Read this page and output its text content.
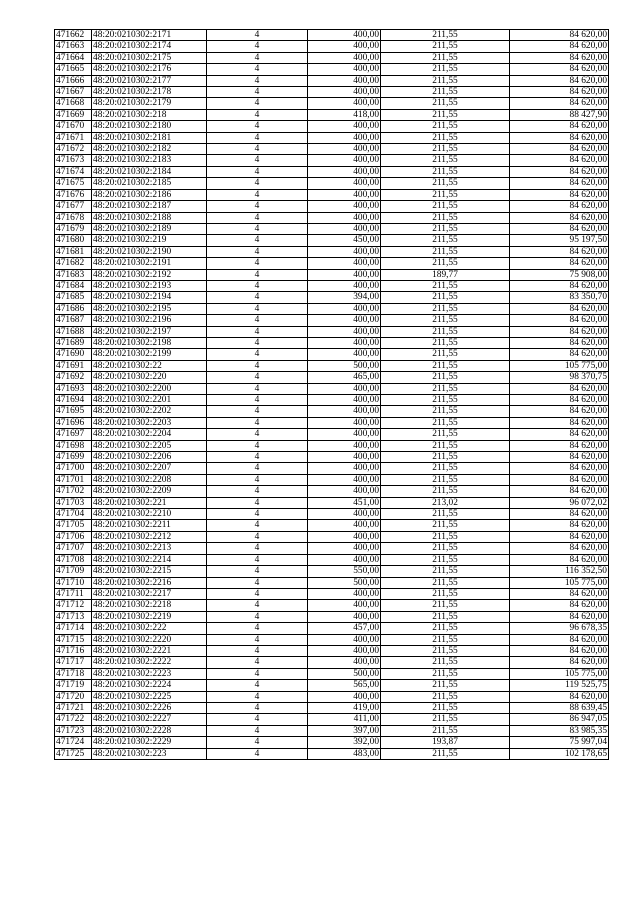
471662	48:20:0210302:2171	4	400,00	211,55	84 620,00
471663	48:20:0210302:2174	4	400,00	211,55	84 620,00
471664	48:20:0210302:2175	4	400,00	211,55	84 620,00
471665	48:20:0210302:2176	4	400,00	211,55	84 620,00
471666	48:20:0210302:2177	4	400,00	211,55	84 620,00
471667	48:20:0210302:2178	4	400,00	211,55	84 620,00
471668	48:20:0210302:2179	4	400,00	211,55	84 620,00
471669	48:20:0210302:218	4	418,00	211,55	88 427,90
471670	48:20:0210302:2180	4	400,00	211,55	84 620,00
471671	48:20:0210302:2181	4	400,00	211,55	84 620,00
471672	48:20:0210302:2182	4	400,00	211,55	84 620,00
471673	48:20:0210302:2183	4	400,00	211,55	84 620,00
471674	48:20:0210302:2184	4	400,00	211,55	84 620,00
471675	48:20:0210302:2185	4	400,00	211,55	84 620,00
471676	48:20:0210302:2186	4	400,00	211,55	84 620,00
471677	48:20:0210302:2187	4	400,00	211,55	84 620,00
471678	48:20:0210302:2188	4	400,00	211,55	84 620,00
471679	48:20:0210302:2189	4	400,00	211,55	84 620,00
471680	48:20:0210302:219	4	450,00	211,55	95 197,50
471681	48:20:0210302:2190	4	400,00	211,55	84 620,00
471682	48:20:0210302:2191	4	400,00	211,55	84 620,00
471683	48:20:0210302:2192	4	400,00	189,77	75 908,00
471684	48:20:0210302:2193	4	400,00	211,55	84 620,00
471685	48:20:0210302:2194	4	394,00	211,55	83 350,70
471686	48:20:0210302:2195	4	400,00	211,55	84 620,00
471687	48:20:0210302:2196	4	400,00	211,55	84 620,00
471688	48:20:0210302:2197	4	400,00	211,55	84 620,00
471689	48:20:0210302:2198	4	400,00	211,55	84 620,00
471690	48:20:0210302:2199	4	400,00	211,55	84 620,00
471691	48:20:0210302:22	4	500,00	211,55	105 775,00
471692	48:20:0210302:220	4	465,00	211,55	98 370,75
471693	48:20:0210302:2200	4	400,00	211,55	84 620,00
471694	48:20:0210302:2201	4	400,00	211,55	84 620,00
471695	48:20:0210302:2202	4	400,00	211,55	84 620,00
471696	48:20:0210302:2203	4	400,00	211,55	84 620,00
471697	48:20:0210302:2204	4	400,00	211,55	84 620,00
471698	48:20:0210302:2205	4	400,00	211,55	84 620,00
471699	48:20:0210302:2206	4	400,00	211,55	84 620,00
471700	48:20:0210302:2207	4	400,00	211,55	84 620,00
471701	48:20:0210302:2208	4	400,00	211,55	84 620,00
471702	48:20:0210302:2209	4	400,00	211,55	84 620,00
471703	48:20:0210302:221	4	451,00	213,02	96 072,02
471704	48:20:0210302:2210	4	400,00	211,55	84 620,00
471705	48:20:0210302:2211	4	400,00	211,55	84 620,00
471706	48:20:0210302:2212	4	400,00	211,55	84 620,00
471707	48:20:0210302:2213	4	400,00	211,55	84 620,00
471708	48:20:0210302:2214	4	400,00	211,55	84 620,00
471709	48:20:0210302:2215	4	550,00	211,55	116 352,50
471710	48:20:0210302:2216	4	500,00	211,55	105 775,00
471711	48:20:0210302:2217	4	400,00	211,55	84 620,00
471712	48:20:0210302:2218	4	400,00	211,55	84 620,00
471713	48:20:0210302:2219	4	400,00	211,55	84 620,00
471714	48:20:0210302:222	4	457,00	211,55	96 678,35
471715	48:20:0210302:2220	4	400,00	211,55	84 620,00
471716	48:20:0210302:2221	4	400,00	211,55	84 620,00
471717	48:20:0210302:2222	4	400,00	211,55	84 620,00
471718	48:20:0210302:2223	4	500,00	211,55	105 775,00
471719	48:20:0210302:2224	4	565,00	211,55	119 525,75
471720	48:20:0210302:2225	4	400,00	211,55	84 620,00
471721	48:20:0210302:2226	4	419,00	211,55	88 639,45
471722	48:20:0210302:2227	4	411,00	211,55	86 947,05
471723	48:20:0210302:2228	4	397,00	211,55	83 985,35
471724	48:20:0210302:2229	4	392,00	193,87	75 997,04
471725	48:20:0210302:223	4	483,00	211,55	102 178,65
